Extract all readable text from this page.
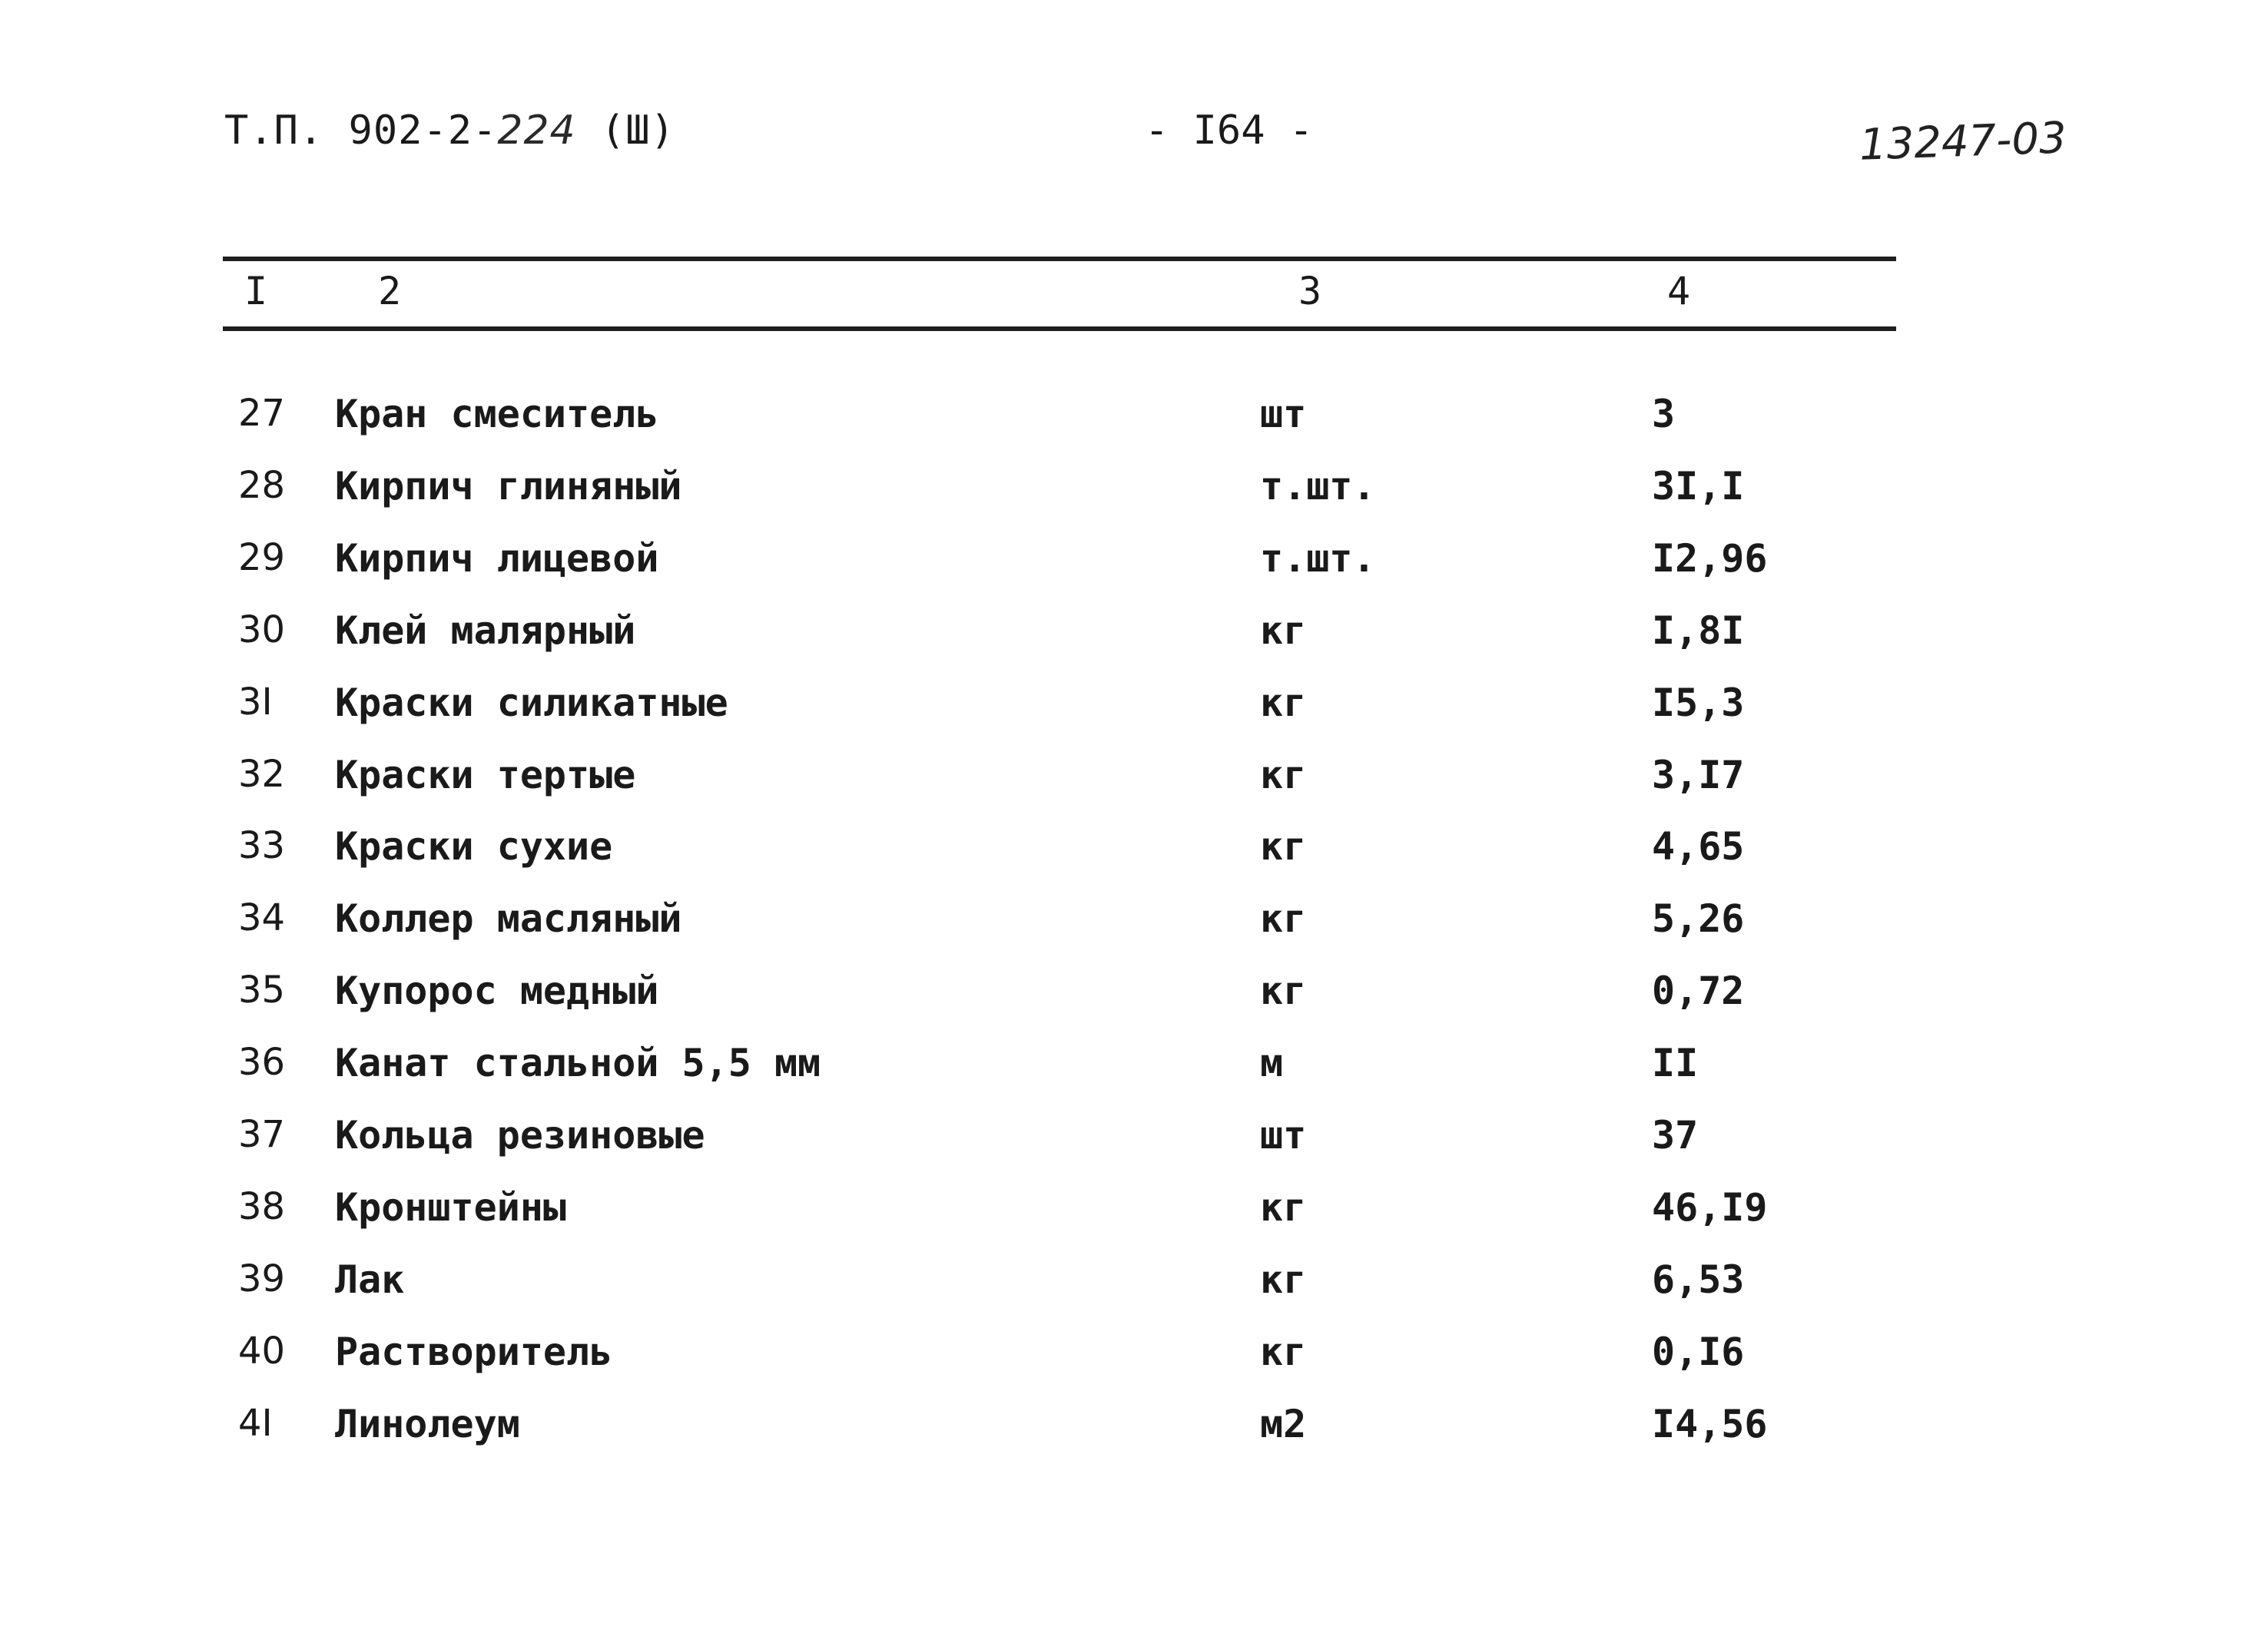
Т.П. 902-2-224 (Ш)	- I64 -	13247-03
I	2	3	4
27 Кран смеситель	шт	3
28 Кирпич глиняный	т.шт.	3I,I
29 Кирпич лицевой	т.шт.	I2,96
30 Клей малярный	кг	I,8I
3I Краски силикатные	кг	I5,3
32 Краски тертые	кг	3,I7
33 Краски сухие	кг	4,65
34 Коллер масляный	кг	5,26
35 Купорос медный	кг	0,72
36 Канат стальной 5,5 мм	м	II
37 Кольца резиновые	шт	37
38 Кронштейны	кг	46,I9
39 Лак	кг	6,53
40 Растворитель	кг	0,I6
4I Линолеум	м2	I4,56
